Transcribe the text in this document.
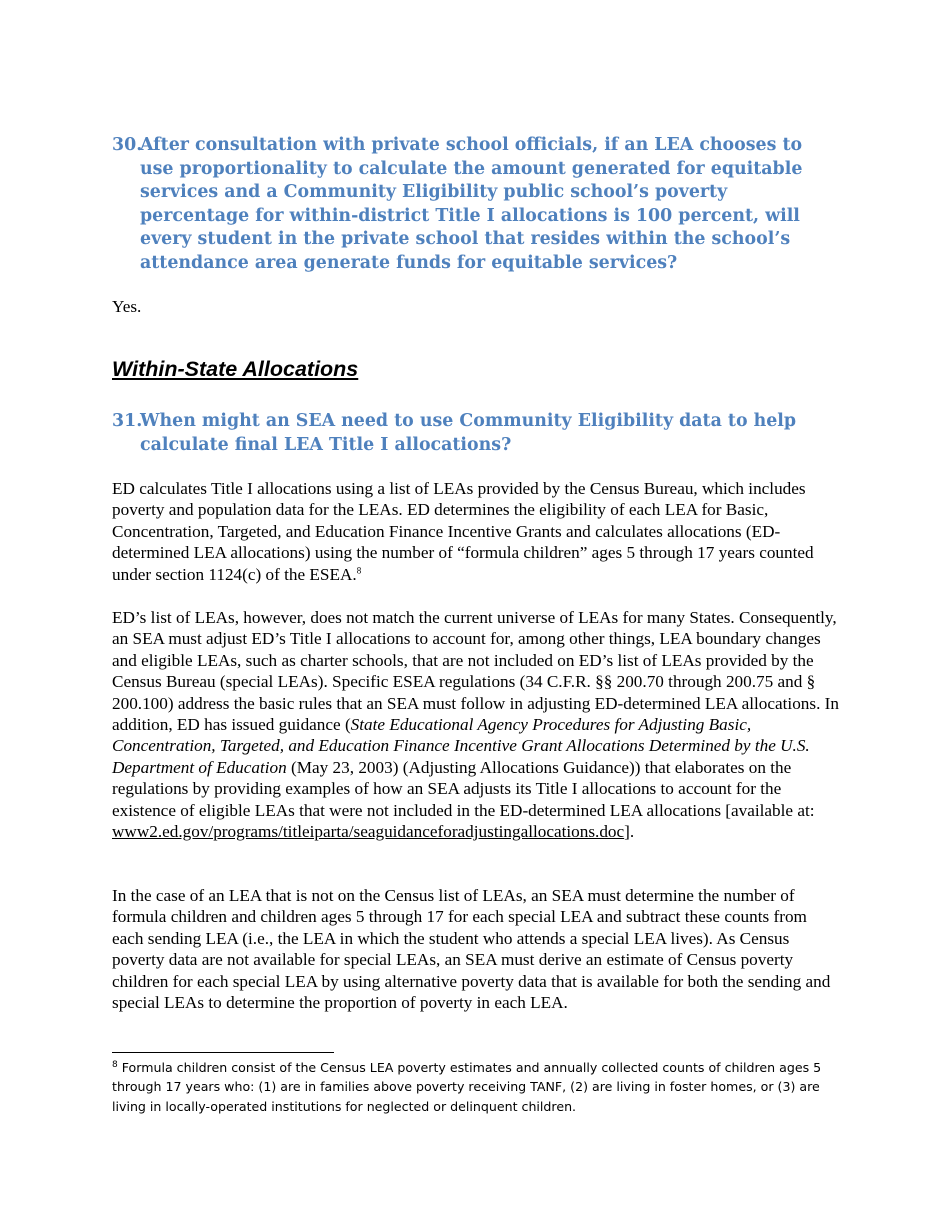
30.
After consultation with private school officials, if an LEA chooses to use proportionality to calculate the amount generated for equitable services and a Community Eligibility public school’s poverty percentage for within-district Title I allocations is 100 percent, will every student in the private school that resides within the school’s attendance area generate funds for equitable services?

Yes.

Within-State Allocations
31.
When might an SEA need to use Community Eligibility data to help calculate final LEA Title I allocations?

ED calculates Title I allocations using a list of LEAs provided by the Census Bureau, which includes poverty and population data for the LEAs. ED determines the eligibility of each LEA for Basic, Concentration, Targeted, and Education Finance Incentive Grants and calculates allocations (ED-determined LEA allocations) using the number of “formula children” ages 5 through 17 years counted under section 1124(c) of the ESEA.$^8$

ED’s list of LEAs, however, does not match the current universe of LEAs for many States. Consequently, an SEA must adjust ED’s Title I allocations to account for, among other things, LEA boundary changes and eligible LEAs, such as charter schools, that are not included on ED’s list of LEAs provided by the Census Bureau (special LEAs). Specific ESEA regulations (34 C.F.R. §§ 200.70 through 200.75 and § 200.100) address the basic rules that an SEA must follow in adjusting ED-determined LEA allocations. In addition, ED has issued guidance (State Educational Agency Procedures for Adjusting Basic, Concentration, Targeted, and Education Finance Incentive Grant Allocations Determined by the U.S. Department of Education (May 23, 2003) (Adjusting Allocations Guidance)) that elaborates on the regulations by providing examples of how an SEA adjusts its Title I allocations to account for the existence of eligible LEAs that were not included in the ED-determined LEA allocations [available at: www2.ed.gov/programs/titleiparta/seaguidanceforadjustingallocations.doc].

In the case of an LEA that is not on the Census list of LEAs, an SEA must determine the number of formula children and children ages 5 through 17 for each special LEA and subtract these counts from each sending LEA (i.e., the LEA in which the student who attends a special LEA lives). As Census poverty data are not available for special LEAs, an SEA must derive an estimate of Census poverty children for each special LEA by using alternative poverty data that is available for both the sending and special LEAs to determine the proportion of poverty in each LEA.

$^8$ Formula children consist of the Census LEA poverty estimates and annually collected counts of children ages 5 through 17 years who: (1) are in families above poverty receiving TANF, (2) are living in foster homes, or (3) are living in locally-operated institutions for neglected or delinquent children.
